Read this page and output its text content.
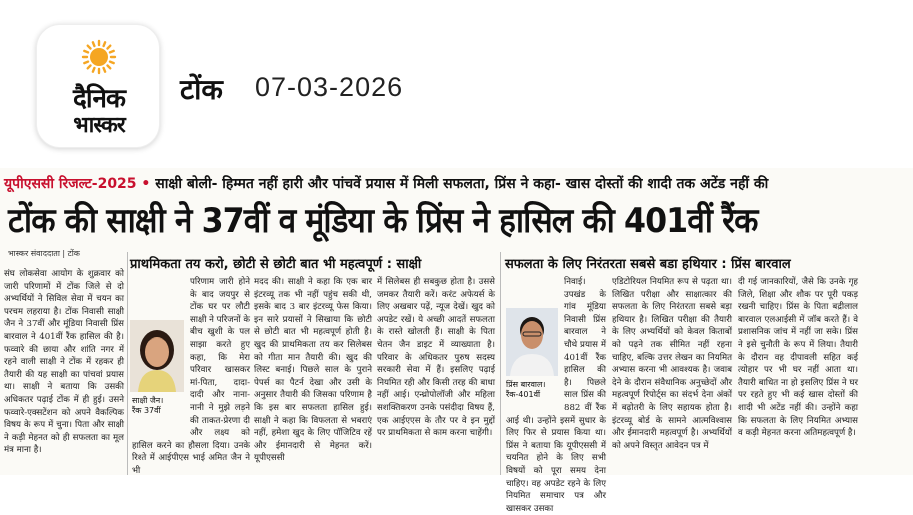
दैनिक
भास्कर
टोंक 07-03-2026
यूपीएससी रिजल्ट-2025 • साक्षी बोली- हिम्मत नहीं हारी और पांचवें प्रयास में मिली सफलता, प्रिंस ने कहा- खास दोस्तों की शादी तक अटेंड नहीं की
टोंक की साक्षी ने 37वीं व मूंडिया के प्रिंस ने हासिल की 401वीं रैंक
भास्कर संवाददाता | टोंक
प्राथमिकता तय करो, छोटी से छोटी बात भी महत्वपूर्ण : साक्षी	सफलता के लिए निरंतरता सबसे बडा हथियार : प्रिंस बारवाल
संघ लोकसेवा आयोग के शुक्रवार को जारी परिणामों में टोंक जिले से दो अभ्यर्थियों ने सिविल सेवा में चयन का परचम लहराया है। टोंक निवासी साक्षी जैन ने 37वीं और मूंडिया निवासी प्रिंस बारवाल ने 401वीं रैंक हासिल की है। फव्वारे की छाया और शांति नगर में रहने वाली साक्षी ने टोंक में रहकर ही तैयारी की यह साक्षी का पांचवां प्रयास था। साक्षी ने बताया कि उसकी अधिकतर पढ़ाई टोंक में ही हुई। उसने फव्वारे-एक्सटेंशन को अपने वैकल्पिक विषय के रूप में चुना। पिता और साक्षी ने कड़ी मेहनत को ही सफलता का मूल मंत्र माना है।
परिणाम जारी होने के बाद जयपुर से टोंक घर पर लौटी साक्षी ने परिजनों के बीच खुशी के पल साझा करते हुए कहा, कि मेरा परिवार खासकर मां-पिता, दादा-दादी और नाना-नानी ने मुझे लड़ने की ताकत-प्रेरणा दी और लक्ष्य को हासिल करने का हौसला दिया। उनके रिश्ते में आईपीएस भाई अमित जैन ने भी
मदद की। साक्षी ने कहा कि एक बार इंटरव्यू तक भी नहीं पहुंच सकी थी, इसके बाद 3 बार इंटरव्यू फेस किया। इन सारे प्रयासों ने सिखाया कि छोटी से छोटी बात भी महत्वपूर्ण होती है। खुद की प्राथमिकता तय कर सिलेबस को गीता मान तैयारी की। खुद की लिस्ट बनाई। पिछले साल के पुराने पेपर्स का पैटर्न देखा और उसी के अनुसार तैयारी की जिसका परिणाम है कि इस बार सफलता हासिल हुई। साक्षी ने कहा कि विफलता से भबराएं नहीं, हमेशा खुद के लिए पॉजिटिव रहें और ईमानदारी से मेहनत करें। यूपीएससी
में सिलेबस ही सबकुछ होता है। उससे जमकर तैयारी करें। करंट अफेयर्स के लिए अखबार पढ़ें, न्यूज देखें। खुद को अपडेट रखें। ये अच्छी आदतें सफलता के रास्ते खोलती हैं। साक्षी के पिता चेतन जैन डाइट में व्याख्याता है। परिवार के अधिकतर पुरुष सदस्य सरकारी सेवा में हैं। इसलिए पढ़ाई नियमित रही और किसी तरह की बाधा नहीं आई। एन्थ्रोपोलॉजी और महिला सशक्तिकरण उनके पसंदीदा विषय हैं, एक आईएएस के तौर पर वे इन मुद्दों पर प्राथमिकता से काम करना चाहेंगी।
निवाई। उपखंड के गांव मूंडिया निवासी प्रिंस बारवाल ने चौथे प्रयास में 401वीं रैंक हासिल की है। पिछले साल प्रिंस की 882 वीं रैंक आई थी। उन्होंने इसमें सुधार के लिए फिर से प्रयास किया था। प्रिंस ने बताया कि यूपीएससी में चयनित होने के लिए सभी विषयों को पूरा समय देना चाहिए। वह अपडेट रहने के लिए नियमित समाचार पत्र और खासकर उसका
एडिटोरियल नियमित रूप से पढ़ता था। लिखित परीक्षा और साक्षात्कार की सफलता के लिए निरंतरता सबसे बड़ा हथियार है। लिखित परीक्षा की तैयारी के लिए अभ्यर्थियों को केवल किताबों को पढ़ने तक सीमित नहीं रहना चाहिए, बल्कि उत्तर लेखन का नियमित अभ्यास करना भी आवश्यक है। जवाब देने के दौरान संवैधानिक अनुच्छेदों और महत्वपूर्ण रिपोर्ट्स का संदर्भ देना अंकों में बढ़ोतरी के लिए सहायक होता है। इंटरव्यू बोर्ड के सामने आत्मविश्वास और ईमानदारी महत्वपूर्ण है। अभ्यर्थियों को अपने विस्तृत आवेदन पत्र में
दी गई जानकारियों, जैसे कि उनके गृह जिले, शिक्षा और शौक पर पूरी पकड़ रखनी चाहिए। प्रिंस के पिता बद्रीलाल बारवाल एलआईसी में जॉब करते हैं। वे प्रशासनिक जांच में नहीं जा सके। प्रिंस ने इसे चुनौती के रूप में लिया। तैयारी के दौरान वह दीपावली सहित कई त्योहार पर भी घर नहीं आता था। तैयारी बाधित ना हो इसलिए प्रिंस ने घर पर रहते हुए भी कई खास दोस्तों की शादी भी अटेंड नहीं की। उन्होंने कहा कि सफलता के लिए नियमित अभ्यास व कड़ी मेहनत करना अतिमहत्वपूर्ण है।
साक्षी जैन।
रैंक 37वीं
प्रिंस बारवाल।
रैंक-401वीं
